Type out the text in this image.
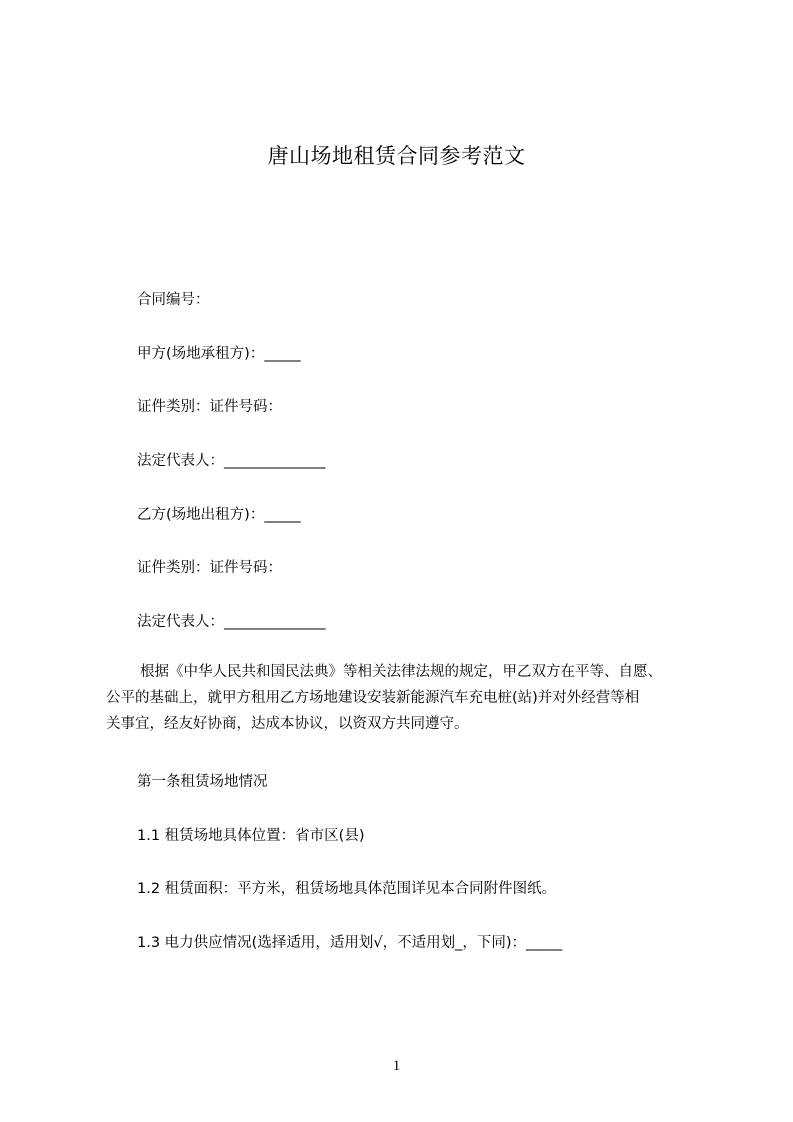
唐山场地租赁合同参考范文
合同编号：
甲方(场地承租方)：_____
证件类别：证件号码：
法定代表人：______________
乙方(场地出租方)：_____
证件类别：证件号码：
法定代表人：______________
根据《中华人民共和国民法典》等相关法律法规的规定，甲乙双方在平等、自愿、
公平的基础上，就甲方租用乙方场地建设安装新能源汽车充电桩(站)并对外经营等相
关事宜，经友好协商，达成本协议，以资双方共同遵守。
第一条租赁场地情况
1.1 租赁场地具体位置：省市区(县)
1.2 租赁面积：平方米，租赁场地具体范围详见本合同附件图纸。
1.3 电力供应情况(选择适用，适用划√，不适用划_，下同)：_____
1
